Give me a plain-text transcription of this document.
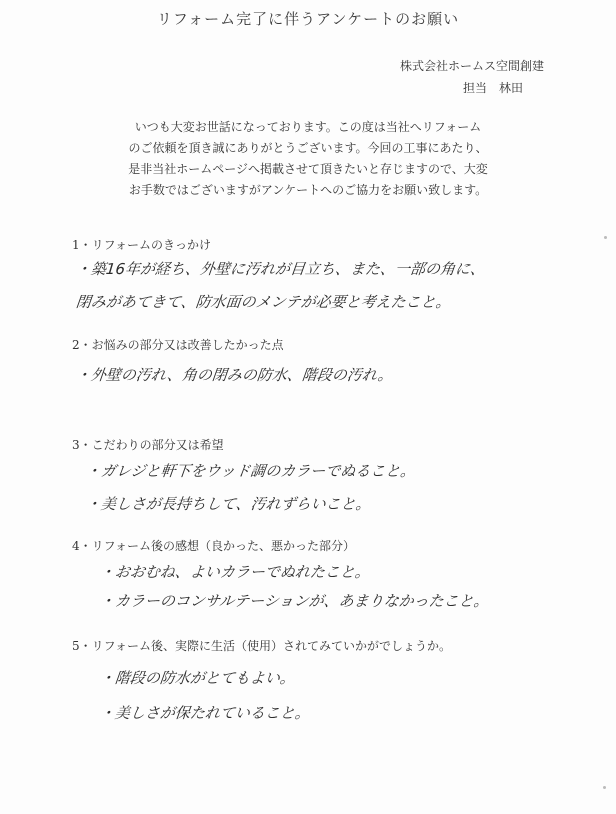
リフォーム完了に伴うアンケートのお願い
株式会社ホームス空間創建
担当　林田
いつも大変お世話になっております。この度は当社へリフォーム
のご依頼を頂き誠にありがとうございます。今回の工事にあたり、
是非当社ホームページへ掲載させて頂きたいと存じますので、大変
お手数ではございますがアンケートへのご協力をお願い致します。
1・リフォームのきっかけ
・築16年が経ち、外壁に汚れが目立ち、また、一部の角に、
閉みがあてきて、防水面のメンテが必要と考えたこと。
2・お悩みの部分又は改善したかった点
・外壁の汚れ、角の閉みの防水、階段の汚れ。
3・こだわりの部分又は希望
・ガレジと軒下をウッド調のカラーでぬること。
・美しさが長持ちして、汚れずらいこと。
4・リフォーム後の感想（良かった、悪かった部分）
・おおむね、よいカラーでぬれたこと。
・カラーのコンサルテーションが、あまりなかったこと。
5・リフォーム後、実際に生活（使用）されてみていかがでしょうか。
・階段の防水がとてもよい。
・美しさが保たれていること。
